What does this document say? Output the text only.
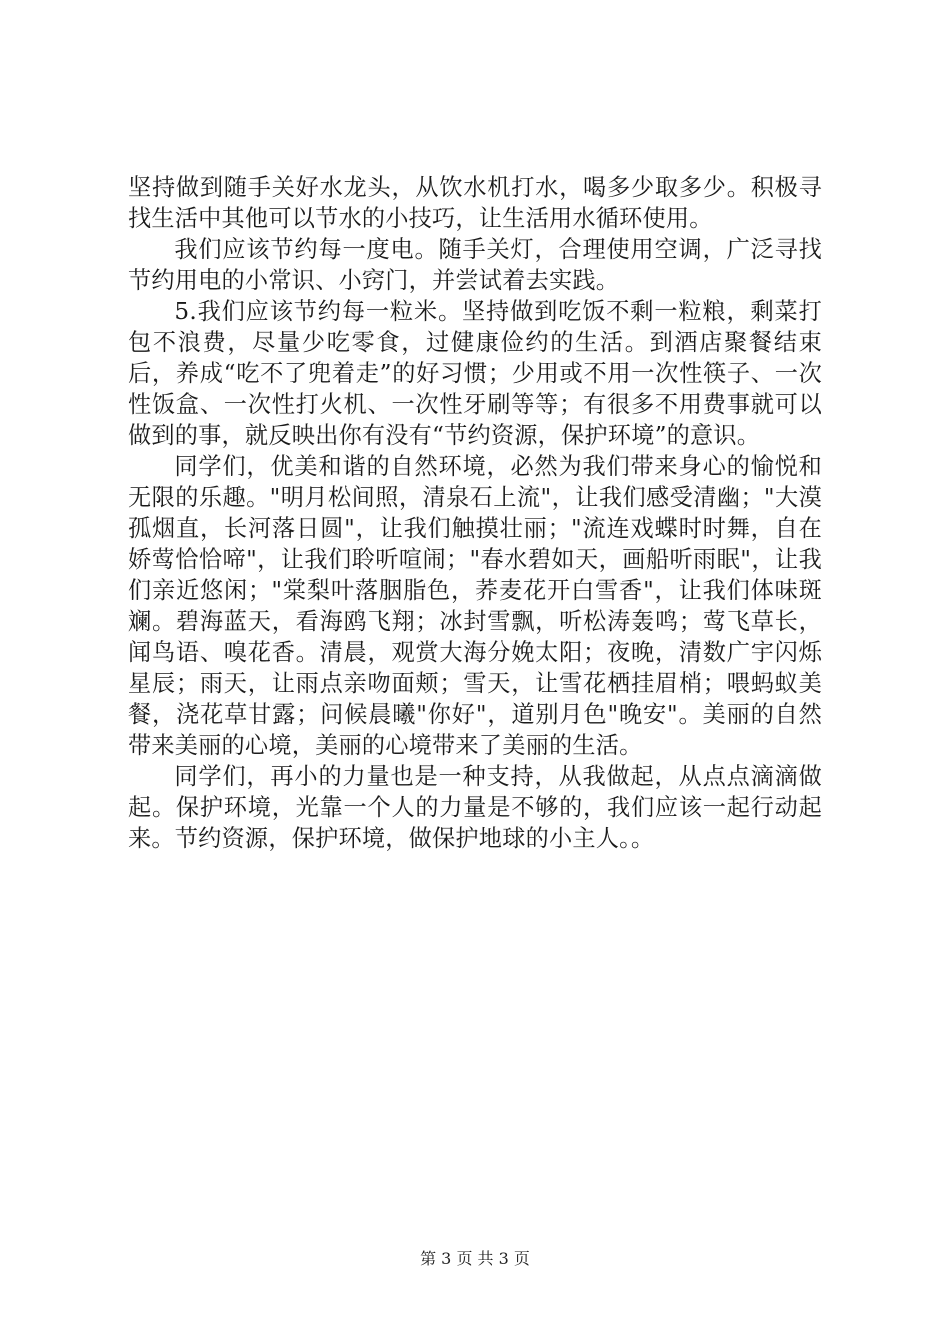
坚持做到随手关好水龙头，从饮水机打水，喝多少取多少。积极寻找生活中其他可以节水的小技巧，让生活用水循环使用。

我们应该节约每一度电。随手关灯，合理使用空调，广泛寻找节约用电的小常识、小窍门，并尝试着去实践。

5.我们应该节约每一粒米。坚持做到吃饭不剩一粒粮，剩菜打包不浪费，尽量少吃零食，过健康俭约的生活。到酒店聚餐结束后，养成“吃不了兜着走”的好习惯；少用或不用一次性筷子、一次性饭盒、一次性打火机、一次性牙刷等等；有很多不用费事就可以做到的事，就反映出你有没有“节约资源，保护环境”的意识。

同学们，优美和谐的自然环境，必然为我们带来身心的愉悦和无限的乐趣。"明月松间照，清泉石上流"，让我们感受清幽；"大漠孤烟直，长河落日圆"，让我们触摸壮丽；"流连戏蝶时时舞，自在娇莺恰恰啼"，让我们聆听喧闹；"春水碧如天，画船听雨眠"，让我们亲近悠闲；"棠梨叶落胭脂色，荞麦花开白雪香"，让我们体味斑斓。碧海蓝天，看海鸥飞翔；冰封雪飘，听松涛轰鸣；莺飞草长，闻鸟语、嗅花香。清晨，观赏大海分娩太阳；夜晚，清数广宇闪烁星辰；雨天，让雨点亲吻面颊；雪天，让雪花栖挂眉梢；喂蚂蚁美餐，浇花草甘露；问候晨曦"你好"，道别月色"晚安"。美丽的自然带来美丽的心境，美丽的心境带来了美丽的生活。

同学们，再小的力量也是一种支持，从我做起，从点点滴滴做起。保护环境，光靠一个人的力量是不够的，我们应该一起行动起来。节约资源，保护环境，做保护地球的小主人。。

第 3 页 共 3 页
